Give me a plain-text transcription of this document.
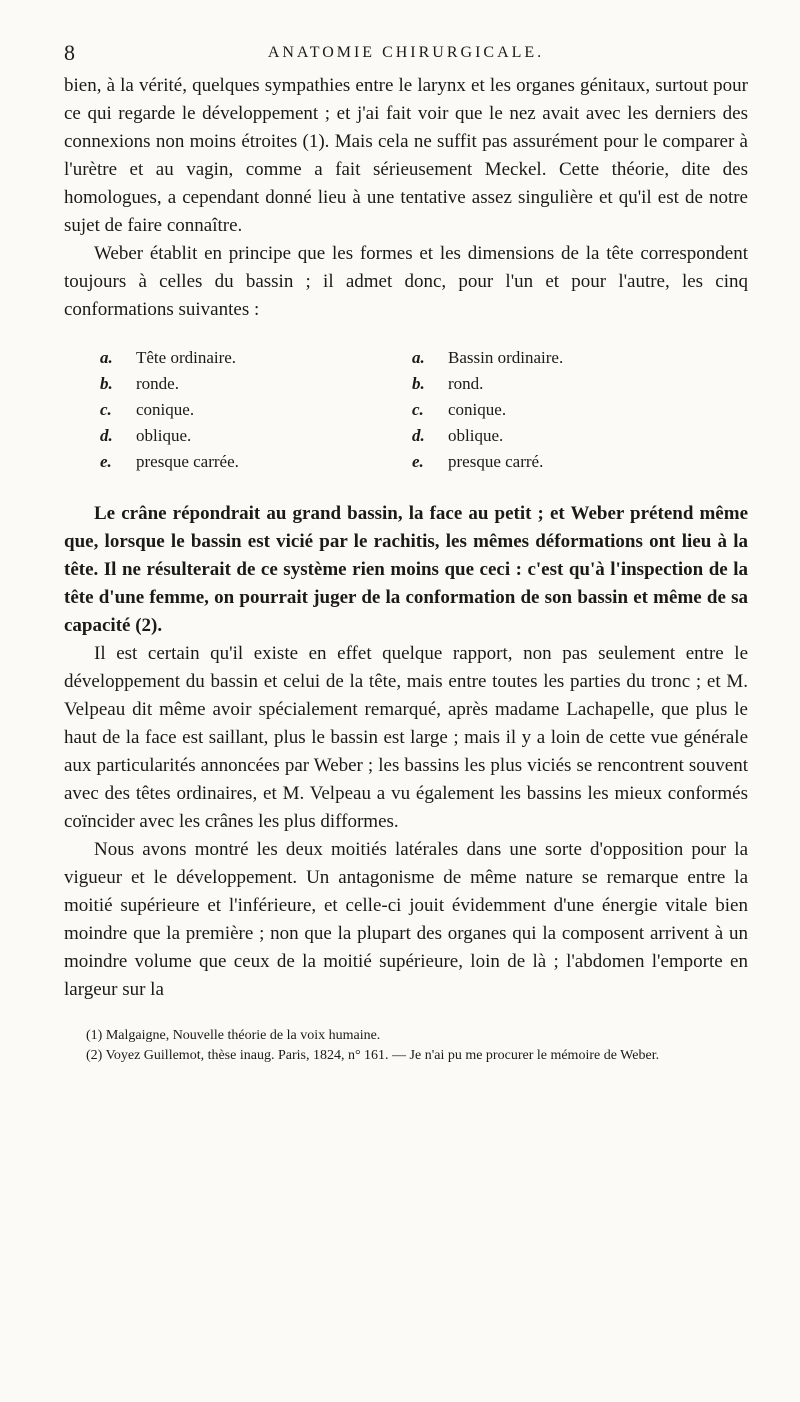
8	ANATOMIE CHIRURGICALE.

bien, à la vérité, quelques sympathies entre le larynx et les organes génitaux, surtout pour ce qui regarde le développement ; et j'ai fait voir que le nez avait avec les derniers des connexions non moins étroites (1). Mais cela ne suffit pas assurément pour le comparer à l'urètre et au vagin, comme a fait sérieusement Meckel. Cette théorie, dite des homologues, a cependant donné lieu à une tentative assez singulière et qu'il est de notre sujet de faire connaître.

Weber établit en principe que les formes et les dimensions de la tête correspondent toujours à celles du bassin ; il admet donc, pour l'un et pour l'autre, les cinq conformations suivantes :

a.	Tête ordinaire.	a.	Bassin ordinaire.
b.	ronde.	b.	rond.
c.	conique.	c.	conique.
d.	oblique.	d.	oblique.
e.	presque carrée.	e.	presque carré.

Le crâne répondrait au grand bassin, la face au petit ; et Weber prétend même que, lorsque le bassin est vicié par le rachitis, les mêmes déformations ont lieu à la tête. Il ne résulterait de ce système rien moins que ceci : c'est qu'à l'inspection de la tête d'une femme, on pourrait juger de la conformation de son bassin et même de sa capacité (2).

Il est certain qu'il existe en effet quelque rapport, non pas seulement entre le développement du bassin et celui de la tête, mais entre toutes les parties du tronc ; et M. Velpeau dit même avoir spécialement remarqué, après madame Lachapelle, que plus le haut de la face est saillant, plus le bassin est large ; mais il y a loin de cette vue générale aux particularités annoncées par Weber ; les bassins les plus viciés se rencontrent souvent avec des têtes ordinaires, et M. Velpeau a vu également les bassins les mieux conformés coïncider avec les crânes les plus difformes.

Nous avons montré les deux moitiés latérales dans une sorte d'opposition pour la vigueur et le développement. Un antagonisme de même nature se remarque entre la moitié supérieure et l'inférieure, et celle-ci jouit évidemment d'une énergie vitale bien moindre que la première ; non que la plupart des organes qui la composent arrivent à un moindre volume que ceux de la moitié supérieure, loin de là ; l'abdomen l'emporte en largeur sur la

(1) Malgaigne, Nouvelle théorie de la voix humaine.
(2) Voyez Guillemot, thèse inaug. Paris, 1824, n° 161. — Je n'ai pu me procurer le mémoire de Weber.
